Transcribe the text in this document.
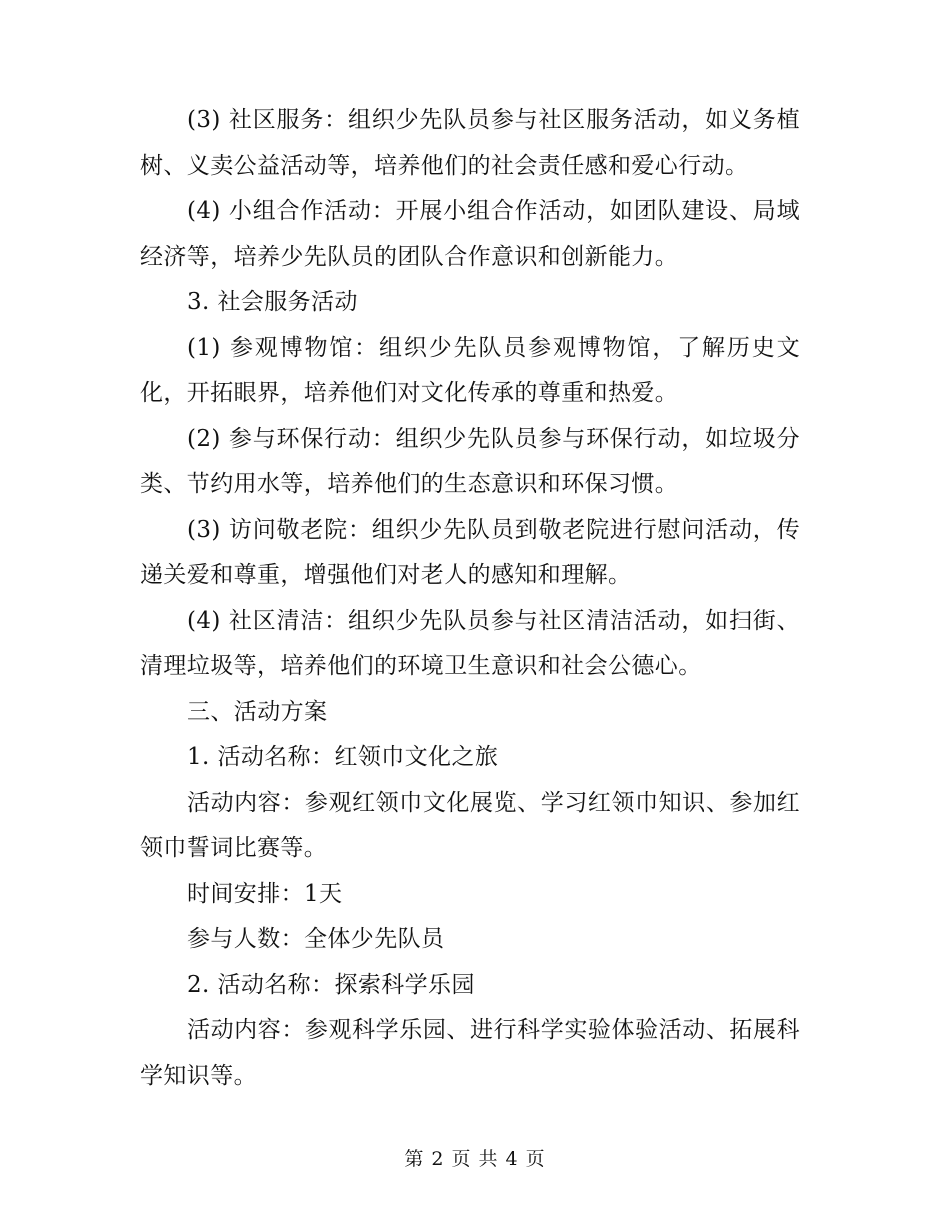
(3) 社区服务：组织少先队员参与社区服务活动，如义务植树、义卖公益活动等，培养他们的社会责任感和爱心行动。

(4) 小组合作活动：开展小组合作活动，如团队建设、局域经济等，培养少先队员的团队合作意识和创新能力。

3. 社会服务活动

(1) 参观博物馆：组织少先队员参观博物馆，了解历史文化，开拓眼界，培养他们对文化传承的尊重和热爱。

(2) 参与环保行动：组织少先队员参与环保行动，如垃圾分类、节约用水等，培养他们的生态意识和环保习惯。

(3) 访问敬老院：组织少先队员到敬老院进行慰问活动，传递关爱和尊重，增强他们对老人的感知和理解。

(4) 社区清洁：组织少先队员参与社区清洁活动，如扫街、清理垃圾等，培养他们的环境卫生意识和社会公德心。

三、活动方案

1. 活动名称：红领巾文化之旅

活动内容：参观红领巾文化展览、学习红领巾知识、参加红领巾誓词比赛等。

时间安排：1天

参与人数：全体少先队员

2. 活动名称：探索科学乐园

活动内容：参观科学乐园、进行科学实验体验活动、拓展科学知识等。

第 2 页 共 4 页
